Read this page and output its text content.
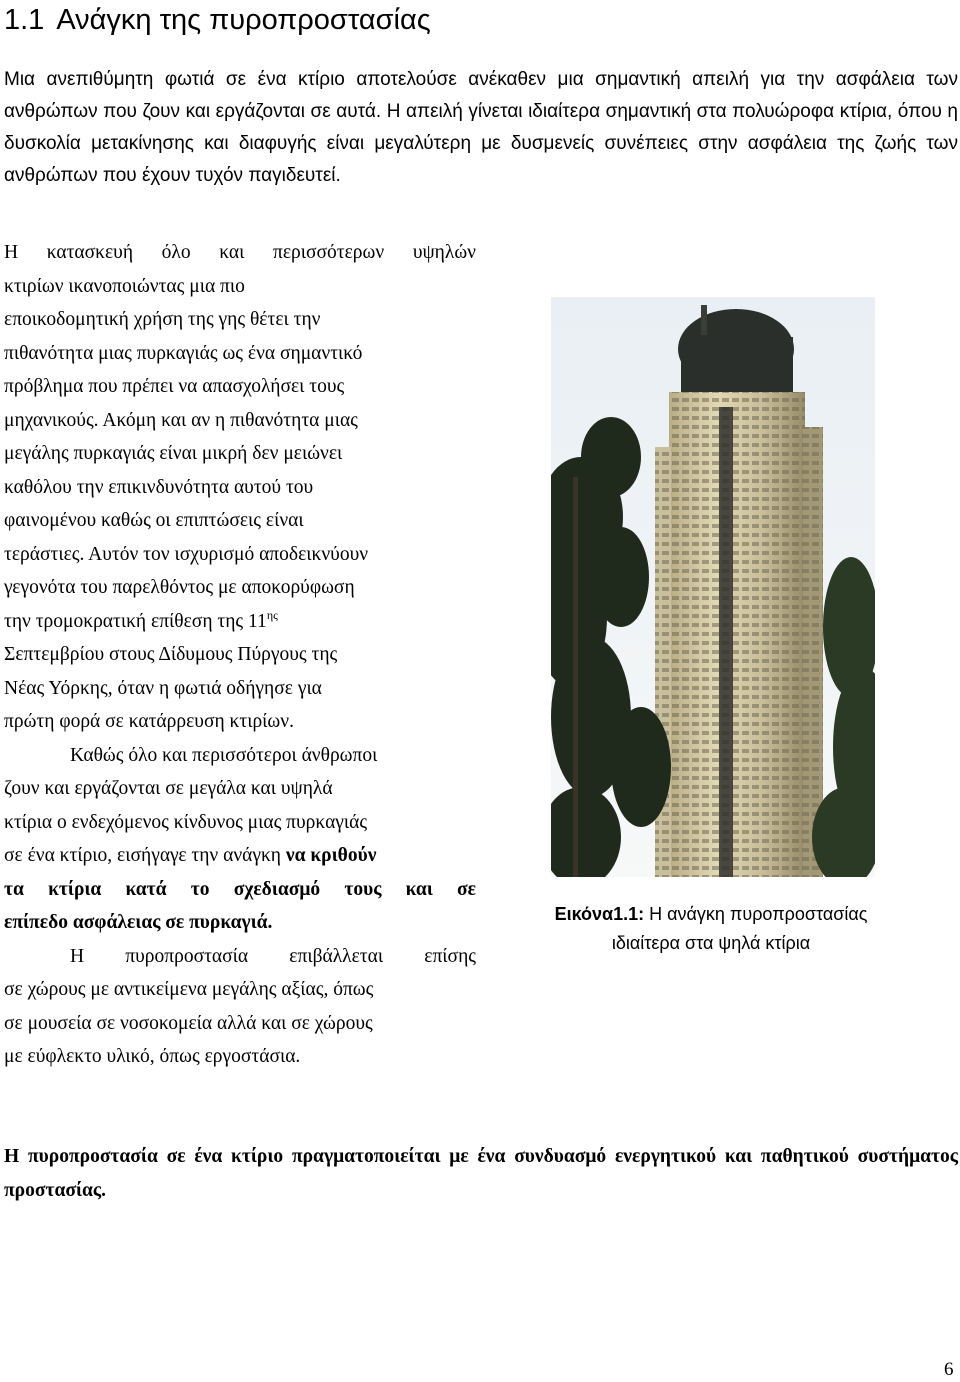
1.1 Ανάγκη της πυροπροστασίας

Μια ανεπιθύμητη φωτιά σε ένα κτίριο αποτελούσε ανέκαθεν μια σημαντική απειλή για την ασφάλεια των ανθρώπων που ζουν και εργάζονται σε αυτά. Η απειλή γίνεται ιδιαίτερα σημαντική στα πολυώροφα κτίρια, όπου η δυσκολία μετακίνησης και διαφυγής είναι μεγαλύτερη με δυσμενείς συνέπειες στην ασφάλεια της ζωής των ανθρώπων που έχουν τυχόν παγιδευτεί.

Η κατασκευή όλο και περισσότερων υψηλών
κτιρίων ικανοποιώντας μια πιο
εποικοδομητική χρήση της γης θέτει την
πιθανότητα μιας πυρκαγιάς ως ένα σημαντικό
πρόβλημα που πρέπει να απασχολήσει τους
μηχανικούς. Ακόμη και αν η πιθανότητα μιας
μεγάλης πυρκαγιάς είναι μικρή δεν μειώνει
καθόλου την επικινδυνότητα αυτού του
φαινομένου καθώς οι επιπτώσεις είναι
τεράστιες. Αυτόν τον ισχυρισμό αποδεικνύουν
γεγονότα του παρελθόντος με αποκορύφωση
την τρομοκρατική επίθεση της $11^{\eta\varsigma}$
Σεπτεμβρίου στους Δίδυμους Πύργους της
Νέας Υόρκης, όταν η φωτιά οδήγησε για
πρώτη φορά σε κατάρρευση κτιρίων.

Καθώς όλο και περισσότεροι άνθρωποι
ζουν και εργάζονται σε μεγάλα και υψηλά
κτίρια ο ενδεχόμενος κίνδυνος μιας πυρκαγιάς
σε ένα κτίριο, εισήγαγε την ανάγκη να κριθούν
τα κτίρια κατά το σχεδιασμό τους και σε
επίπεδο ασφάλειας σε πυρκαγιά.

Η πυροπροστασία επιβάλλεται επίσης
σε χώρους με αντικείμενα μεγάλης αξίας, όπως
σε μουσεία σε νοσοκομεία αλλά και σε χώρους
με εύφλεκτο υλικό, όπως εργοστάσια.

Εικόνα1.1: Η ανάγκη πυροπροστασίας
ιδιαίτερα στα ψηλά κτίρια

Η πυροπροστασία σε ένα κτίριο πραγματοποιείται με ένα συνδυασμό ενεργητικού και παθητικού συστήματος προστασίας.

6
